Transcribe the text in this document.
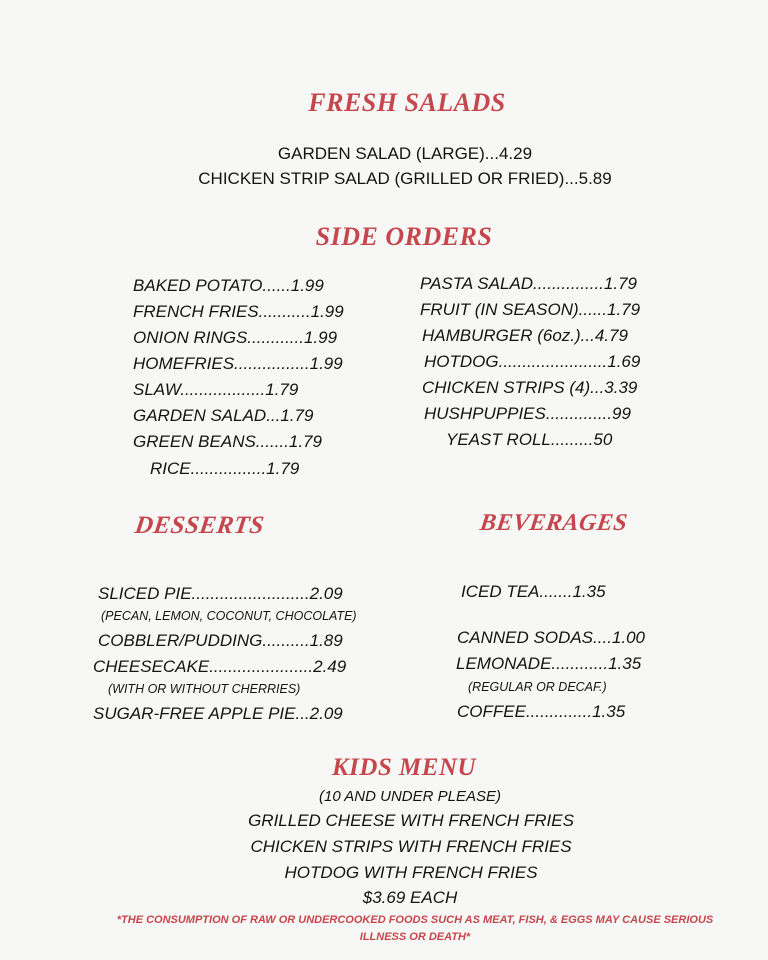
FRESH SALADS
GARDEN SALAD (LARGE)...4.29
CHICKEN STRIP SALAD (GRILLED OR FRIED)...5.89
SIDE ORDERS
BAKED POTATO......1.99
FRENCH FRIES...........1.99
ONION RINGS............1.99
HOMEFRIES................1.99
SLAW..................1.79
GARDEN SALAD...1.79
GREEN BEANS.......1.79
RICE................1.79
PASTA SALAD...............1.79
FRUIT (IN SEASON)......1.79
HAMBURGER (6oz.)...4.79
HOTDOG.......................1.69
CHICKEN STRIPS (4)...3.39
HUSHPUPPIES..............99
YEAST ROLL.........50
DESSERTS
SLICED PIE.........................2.09
(PECAN, LEMON, COCONUT, CHOCOLATE)
COBBLER/PUDDING..........1.89
CHEESECAKE......................2.49
(WITH OR WITHOUT CHERRIES)
SUGAR-FREE APPLE PIE...2.09
BEVERAGES
ICED TEA.......1.35
CANNED SODAS....1.00
LEMONADE............1.35
(REGULAR OR DECAF.)
COFFEE..............1.35
KIDS MENU
(10 AND UNDER PLEASE)
GRILLED CHEESE WITH FRENCH FRIES
CHICKEN STRIPS WITH FRENCH FRIES
HOTDOG WITH FRENCH FRIES
$3.69 EACH
*THE CONSUMPTION OF RAW OR UNDERCOOKED FOODS SUCH AS MEAT, FISH, & EGGS MAY CAUSE SERIOUS ILLNESS OR DEATH*
